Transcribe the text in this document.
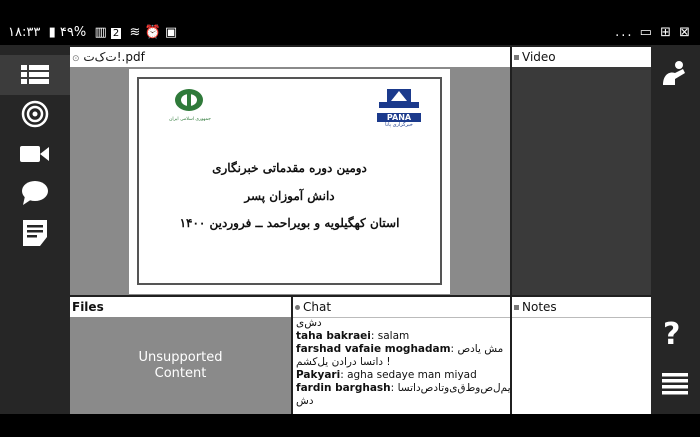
۱۸:۳۳ ▮ ۴۹% ▥ 2 ≋ ⏰ ▣	... ▭ ⊞ ⊠
?
⊙ ت‌ک‌ت!.pdf
جمهوری اسلامی ایران	PANA
خبرگزاری پانا
دومین دوره مقدماتی خبرنگاری
دانش آموزان پسر
استان کهگیلویه و بویراحمد ــ فروردین ۱۴۰۰
Video
Files
Unsupported Content
Chat

دش‌ی

taha bakraei: salam

farshad vafaie moghadam: مش یادص داتسا درادن یل‌کشم !

Pakyari: agha sedaye man miyad

fardin barghash: یم‌ل‌ص‌و‌ط‌ق‌ی‌وتادص‌داتسا دش

Notes
